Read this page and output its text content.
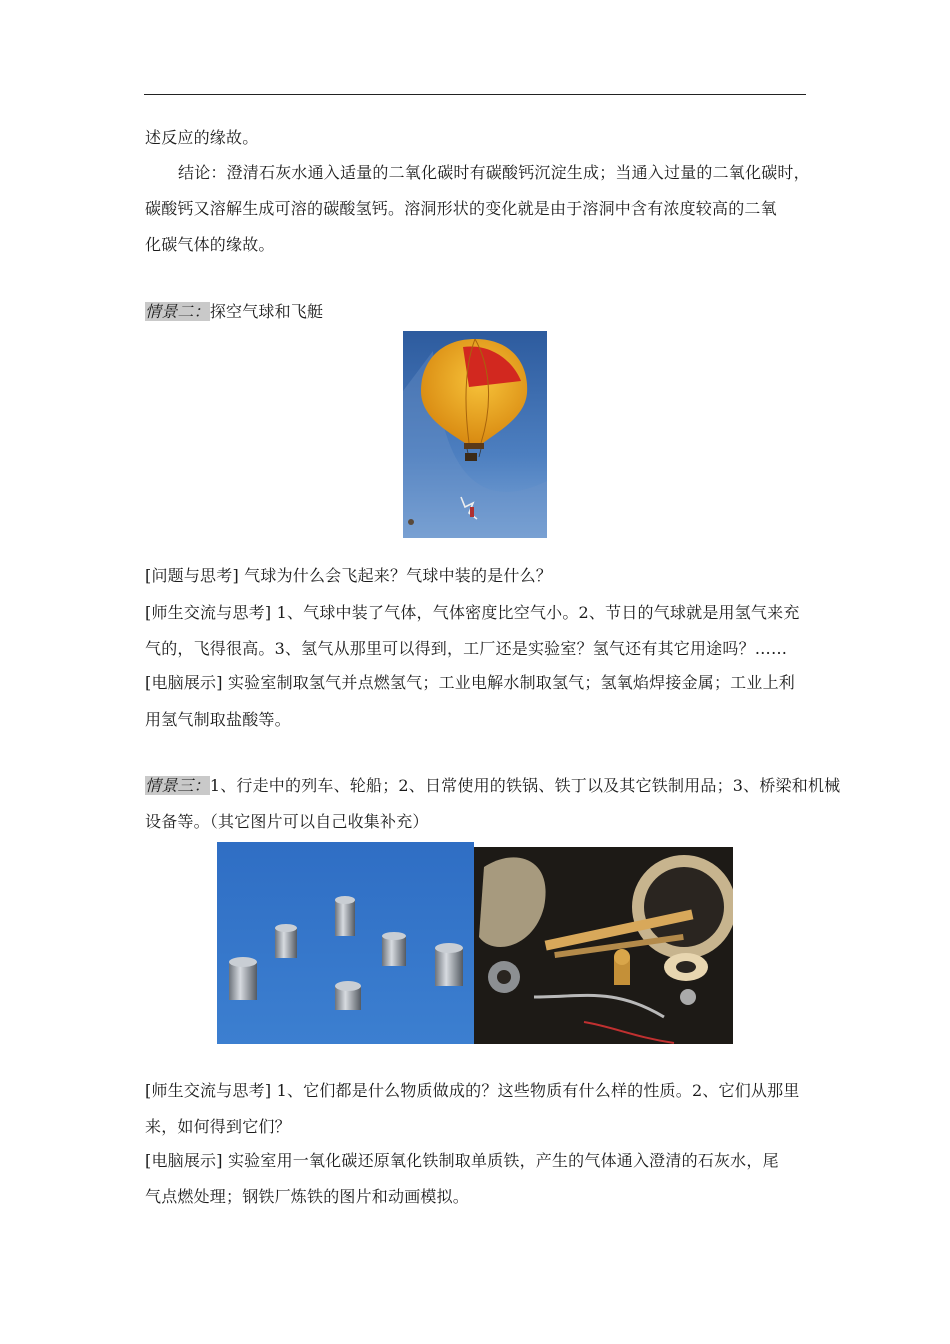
述反应的缘故。
结论：澄清石灰水通入适量的二氧化碳时有碳酸钙沉淀生成；当通入过量的二氧化碳时，
碳酸钙又溶解生成可溶的碳酸氢钙。溶洞形状的变化就是由于溶洞中含有浓度较高的二氧
化碳气体的缘故。
情景二：探空气球和飞艇
[问题与思考] 气球为什么会飞起来？气球中装的是什么？
[师生交流与思考] 1、气球中装了气体，气体密度比空气小。2、节日的气球就是用氢气来充
气的，飞得很高。3、氢气从那里可以得到，工厂还是实验室？氢气还有其它用途吗？……
[电脑展示] 实验室制取氢气并点燃氢气；工业电解水制取氢气；氢氧焰焊接金属；工业上利
用氢气制取盐酸等。
情景三：1、行走中的列车、轮船；2、日常使用的铁锅、铁丁以及其它铁制用品；3、桥梁和机械
设备等。（其它图片可以自己收集补充）
[师生交流与思考] 1、它们都是什么物质做成的？这些物质有什么样的性质。2、它们从那里
来，如何得到它们？
[电脑展示] 实验室用一氧化碳还原氧化铁制取单质铁，产生的气体通入澄清的石灰水，尾
气点燃处理；钢铁厂炼铁的图片和动画模拟。
